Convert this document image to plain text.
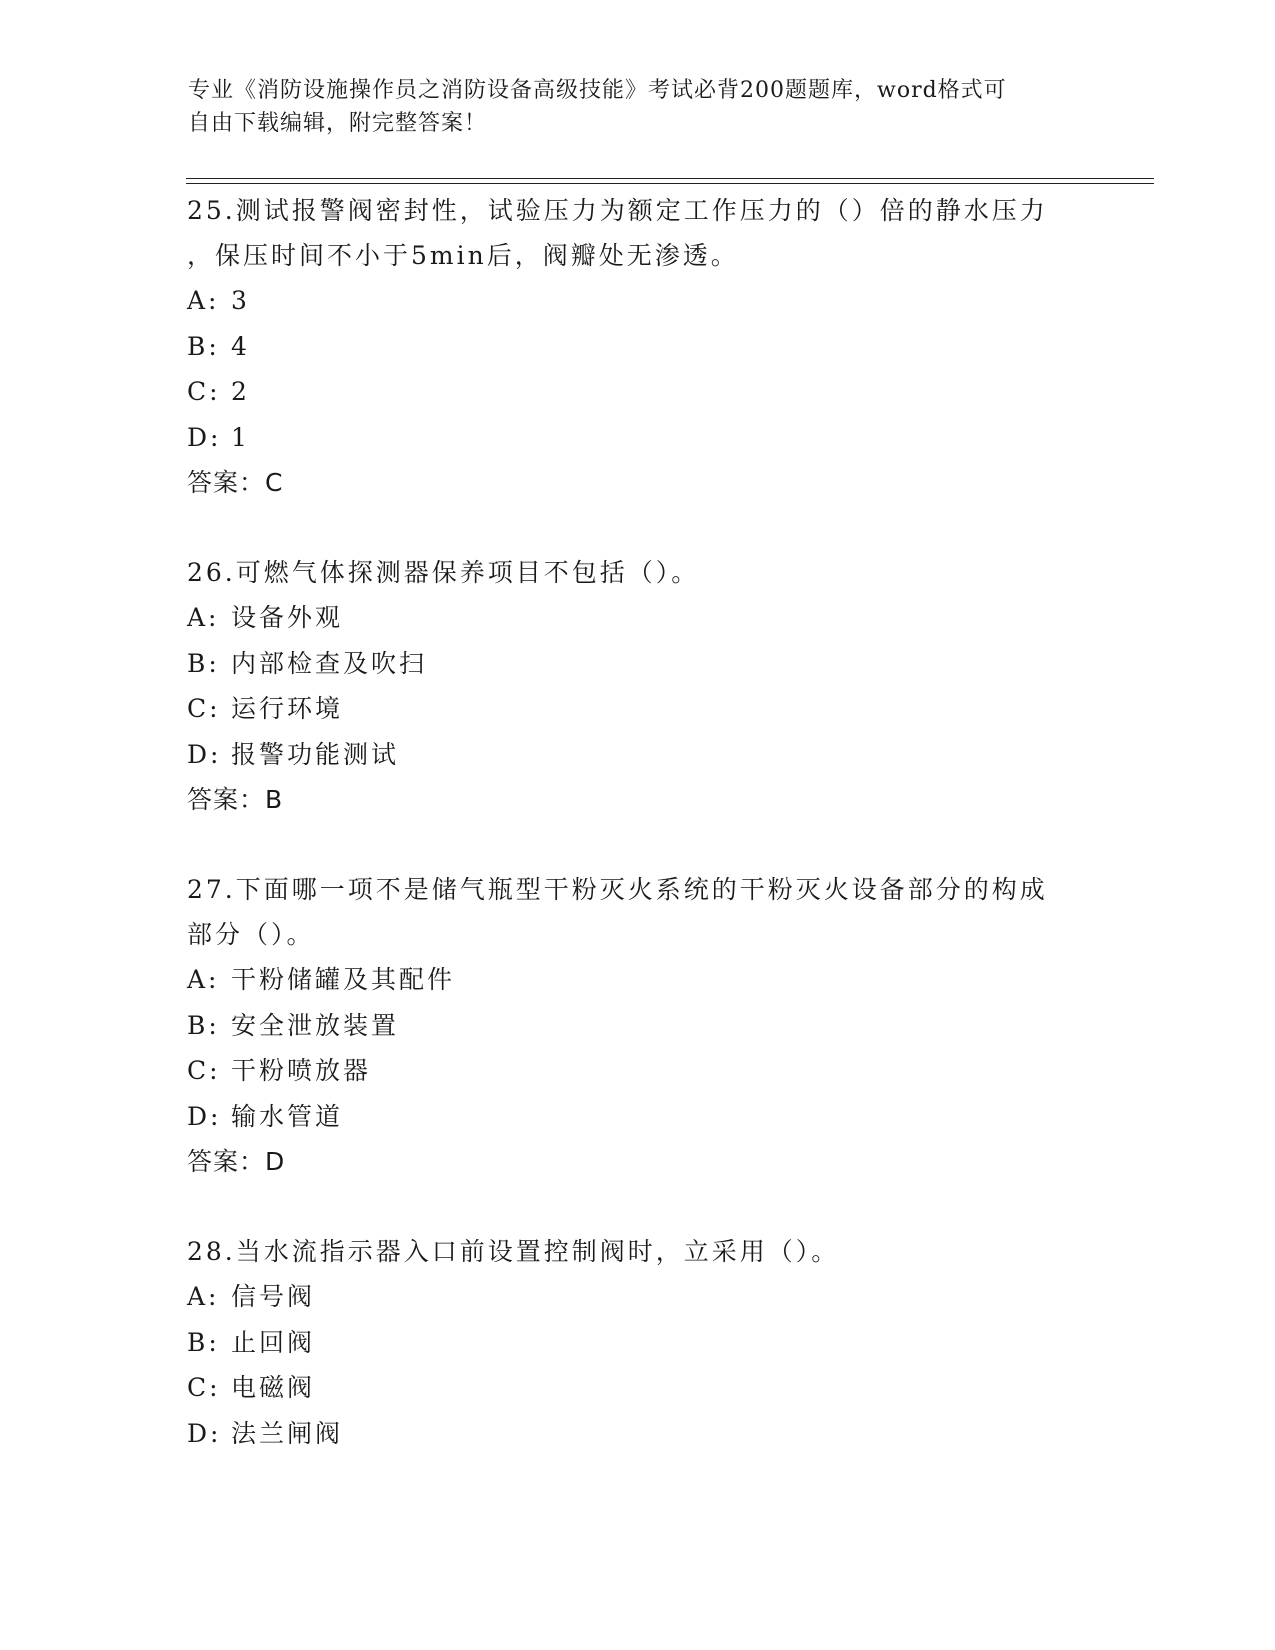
专业《消防设施操作员之消防设备高级技能》考试必背200题题库，word格式可
自由下载编辑，附完整答案！
25.测试报警阀密封性，试验压力为额定工作压力的（）倍的静水压力
，保压时间不小于5min后，阀瓣处无渗透。
A: 3
B: 4
C: 2
D: 1
答案：C
26.可燃气体探测器保养项目不包括（）。
A: 设备外观
B: 内部检查及吹扫
C: 运行环境
D: 报警功能测试
答案：B
27.下面哪一项不是储气瓶型干粉灭火系统的干粉灭火设备部分的构成
部分（）。
A: 干粉储罐及其配件
B: 安全泄放装置
C: 干粉喷放器
D: 输水管道
答案：D
28.当水流指示器入口前设置控制阀时，立采用（）。
A: 信号阀
B: 止回阀
C: 电磁阀
D: 法兰闸阀
